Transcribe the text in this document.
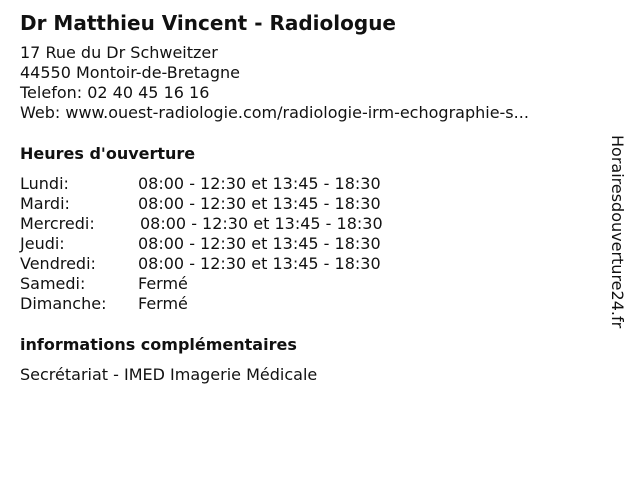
Dr Matthieu Vincent - Radiologue
17 Rue du Dr Schweitzer
44550 Montoir-de-Bretagne
Telefon: 02 40 45 16 16
Web: www.ouest-radiologie.com/radiologie-irm-echographie-s...
Heures d'ouverture
Lundi:	08:00 - 12:30 et 13:45 - 18:30
Mardi:	08:00 - 12:30 et 13:45 - 18:30
Mercredi:	08:00 - 12:30 et 13:45 - 18:30
Jeudi:	08:00 - 12:30 et 13:45 - 18:30
Vendredi:	08:00 - 12:30 et 13:45 - 18:30
Samedi:	Fermé
Dimanche:	Fermé
informations complémentaires
Secrétariat - IMED Imagerie Médicale
Horairesdouverture24.fr
